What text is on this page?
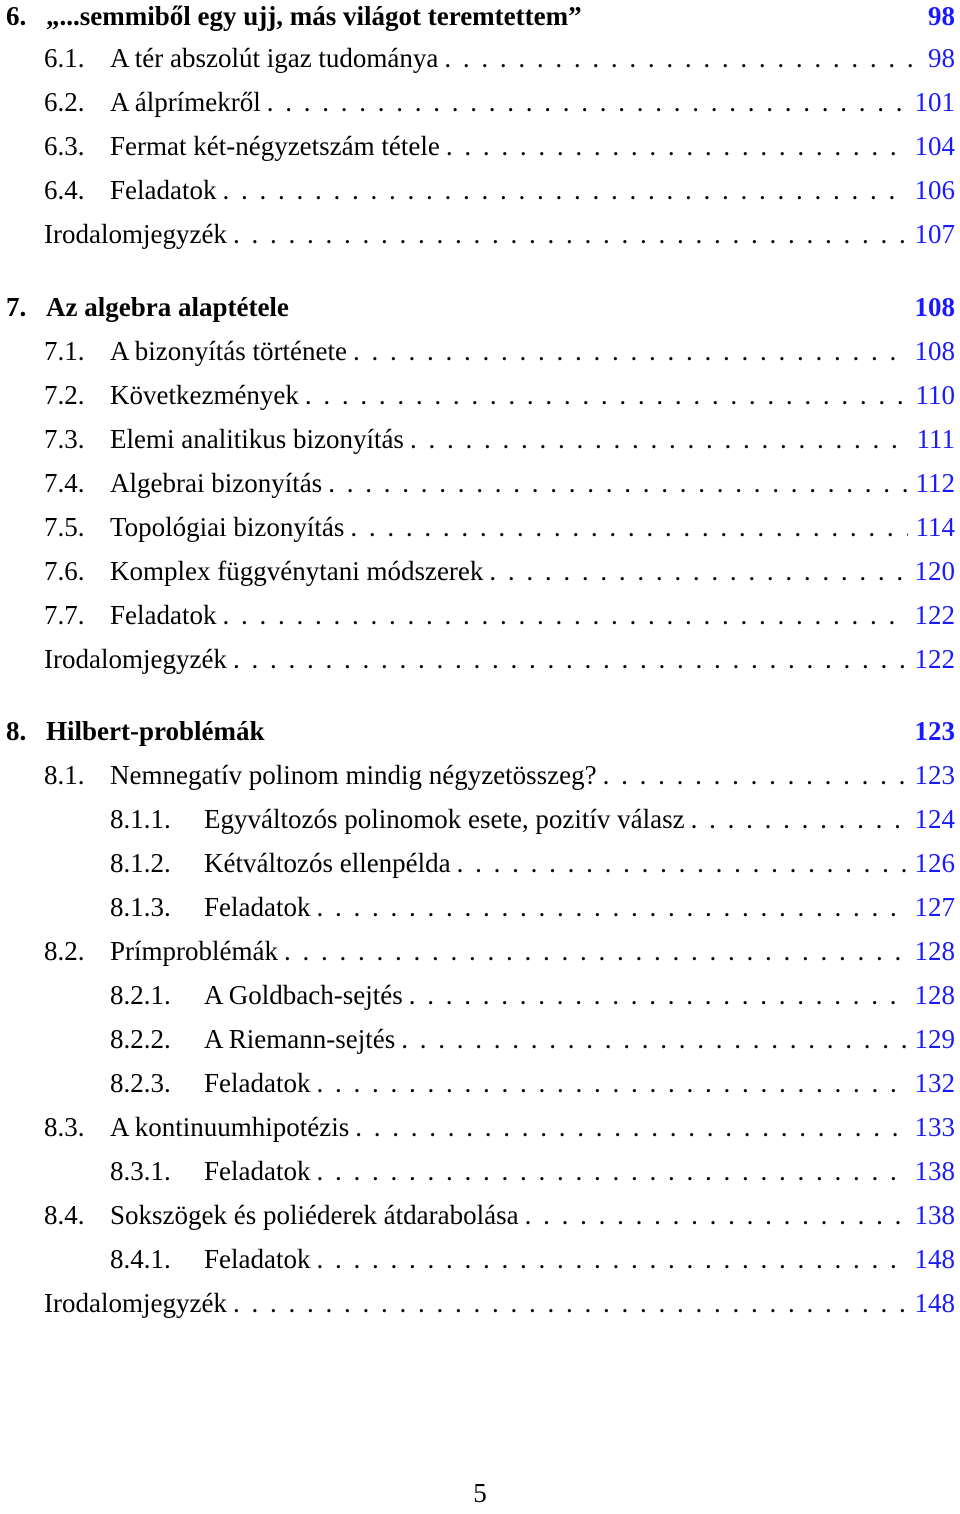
6. „...semmiből egy ujj, más világot teremtettem”	98
6.1. A tér abszolút igaz tudománya . . .	98
6.2. A álprímekről . . .	101
6.3. Fermat két-négyzetszám tétele . . .	104
6.4. Feladatok . . .	106
Irodalomjegyzék . . .	107
7. Az algebra alaptétele	108
7.1. A bizonyítás története . . .	108
7.2. Következmények . . .	110
7.3. Elemi analitikus bizonyítás . . .	111
7.4. Algebrai bizonyítás . . .	112
7.5. Topológiai bizonyítás . . .	114
7.6. Komplex függvénytani módszerek . . .	120
7.7. Feladatok . . .	122
Irodalomjegyzék . . .	122
8. Hilbert-problémák	123
8.1. Nemnegatív polinom mindig négyzetösszeg? . . .	123
8.1.1.	Egyváltozós polinomok esete, pozitív válasz . . .	124
8.1.2.	Kétváltozós ellenpélda . . .	126
8.1.3.	Feladatok . . .	127
8.2. Prímproblémák . . .	128
8.2.1.	A Goldbach-sejtés . . .	128
8.2.2.	A Riemann-sejtés . . .	129
8.2.3.	Feladatok . . .	132
8.3. A kontinuumhipotézis . . .	133
8.3.1.	Feladatok . . .	138
8.4. Sokszögek és poliéderek átdarabolása . . .	138
8.4.1.	Feladatok . . .	148
Irodalomjegyzék . . .	148
5
